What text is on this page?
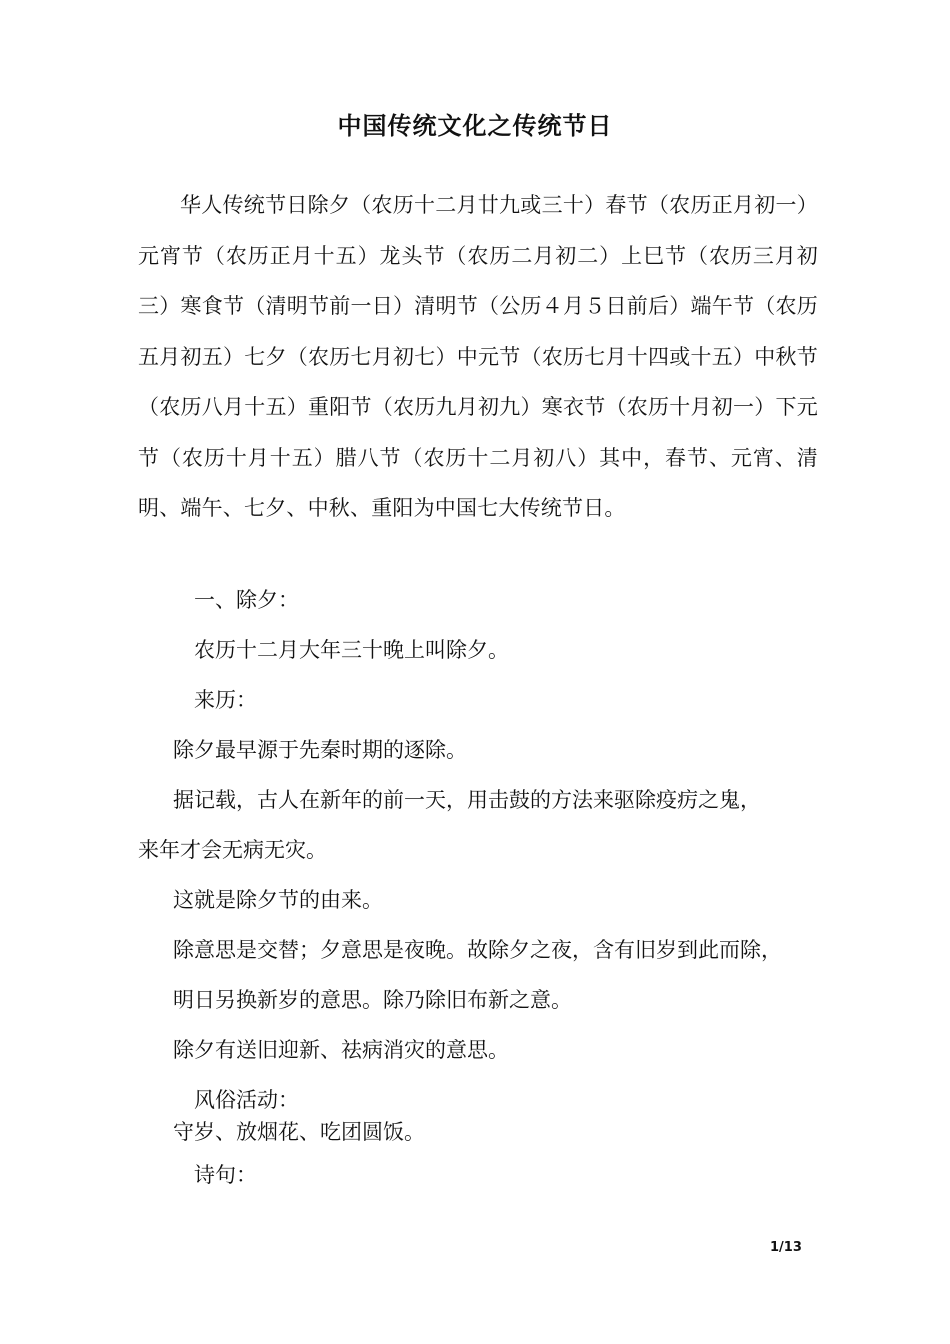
中国传统文化之传统节日

华人传统节日除夕（农历十二月廿九或三十）春节（农历正月初一）元宵节（农历正月十五）龙头节（农历二月初二）上巳节（农历三月初三）寒食节（清明节前一日）清明节（公历４月５日前后）端午节（农历五月初五）七夕（农历七月初七）中元节（农历七月十四或十五）中秋节（农历八月十五）重阳节（农历九月初九）寒衣节（农历十月初一）下元节（农历十月十五）腊八节（农历十二月初八）其中，春节、元宵、清明、端午、七夕、中秋、重阳为中国七大传统节日。

一、除夕：

农历十二月大年三十晚上叫除夕。

来历：

除夕最早源于先秦时期的逐除。

据记载，古人在新年的前一天，用击鼓的方法来驱除疫疠之鬼，

来年才会无病无灾。

这就是除夕节的由来。

除意思是交替；夕意思是夜晚。故除夕之夜，含有旧岁到此而除，

明日另换新岁的意思。除乃除旧布新之意。

除夕有送旧迎新、祛病消灾的意思。

风俗活动：

守岁、放烟花、吃团圆饭。

诗句：

1/13
